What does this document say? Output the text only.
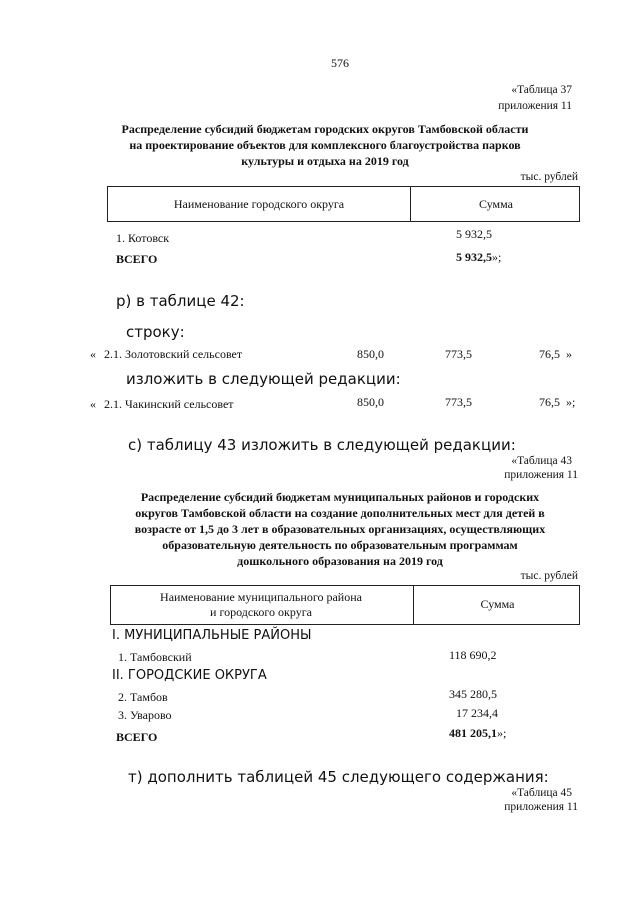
576
«Таблица 37
приложения 11
Распределение субсидий бюджетам городских округов Тамбовской области
на проектирование объектов для комплексного благоустройства парков
культуры и отдыха на 2019 год
тыс. рублей
Наименование городского округа	Сумма
1. Котовск	5 932,5
ВСЕГО	5 932,5»;
р) в таблице 42:
строку:
« 2.1. Золотовский сельсовет	850,0	773,5	76,5 »
изложить в следующей редакции:
« 2.1. Чакинский сельсовет	850,0	773,5	76,5 »;
с) таблицу 43 изложить в следующей редакции:
«Таблица 43
приложения 11
Распределение субсидий бюджетам муниципальных районов и городских
округов Тамбовской области на создание дополнительных мест для детей в
возрасте от 1,5 до 3 лет в образовательных организациях, осуществляющих
образовательную деятельность по образовательным программам
дошкольного образования на 2019 год
тыс. рублей
Наименование муниципального района
и городского округа
Сумма
I. МУНИЦИПАЛЬНЫЕ РАЙОНЫ
1. Тамбовский	118 690,2
II. ГОРОДСКИЕ ОКРУГА
2. Тамбов	345 280,5
3. Уварово	17 234,4
ВСЕГО	481 205,1»;
т) дополнить таблицей 45 следующего содержания:
«Таблица 45
приложения 11
